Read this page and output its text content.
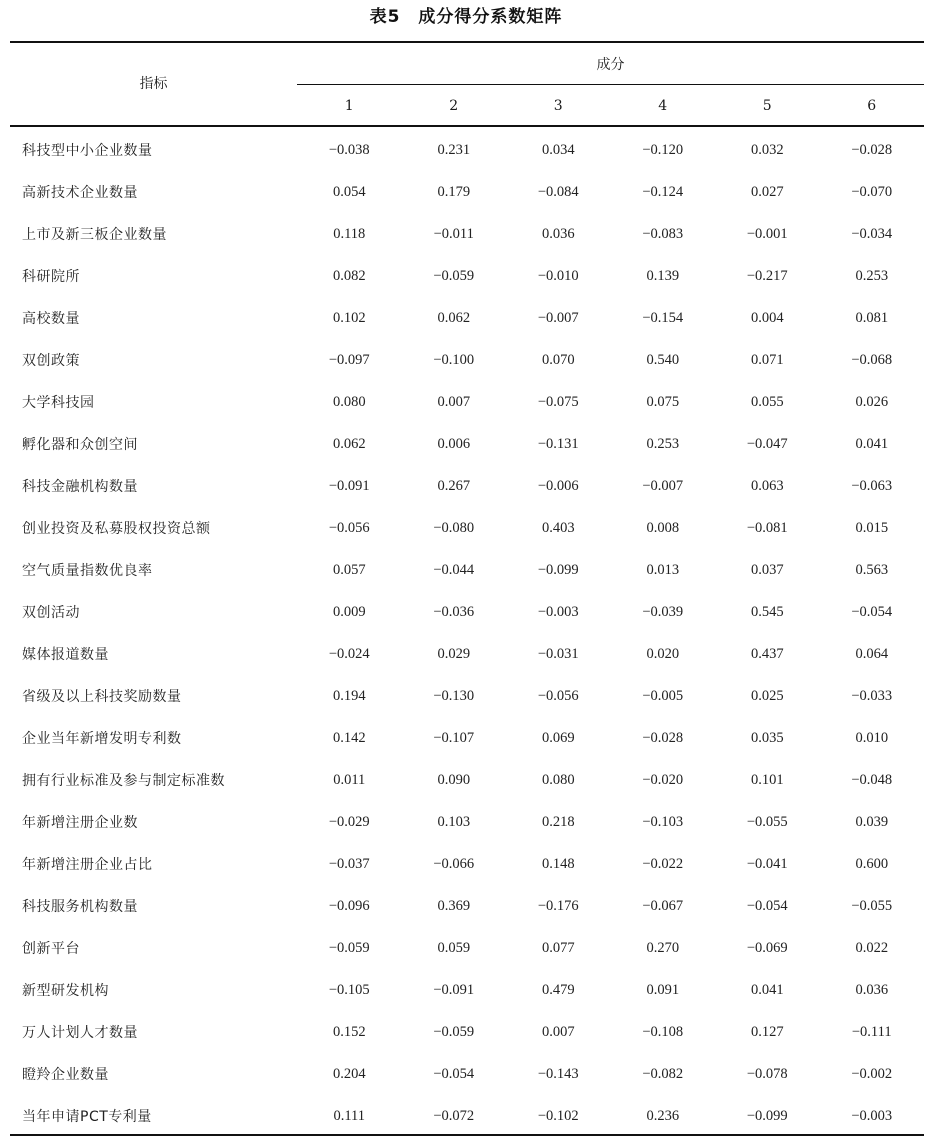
表5　成分得分系数矩阵
指标
成分
1	2	3	4	5	6
科技型中小企业数量	−0.038	0.231	0.034	−0.120	0.032	−0.028
高新技术企业数量	0.054	0.179	−0.084	−0.124	0.027	−0.070
上市及新三板企业数量	0.118	−0.011	0.036	−0.083	−0.001	−0.034
科研院所	0.082	−0.059	−0.010	0.139	−0.217	0.253
高校数量	0.102	0.062	−0.007	−0.154	0.004	0.081
双创政策	−0.097	−0.100	0.070	0.540	0.071	−0.068
大学科技园	0.080	0.007	−0.075	0.075	0.055	0.026
孵化器和众创空间	0.062	0.006	−0.131	0.253	−0.047	0.041
科技金融机构数量	−0.091	0.267	−0.006	−0.007	0.063	−0.063
创业投资及私募股权投资总额	−0.056	−0.080	0.403	0.008	−0.081	0.015
空气质量指数优良率	0.057	−0.044	−0.099	0.013	0.037	0.563
双创活动	0.009	−0.036	−0.003	−0.039	0.545	−0.054
媒体报道数量	−0.024	0.029	−0.031	0.020	0.437	0.064
省级及以上科技奖励数量	0.194	−0.130	−0.056	−0.005	0.025	−0.033
企业当年新增发明专利数	0.142	−0.107	0.069	−0.028	0.035	0.010
拥有行业标准及参与制定标准数	0.011	0.090	0.080	−0.020	0.101	−0.048
年新增注册企业数	−0.029	0.103	0.218	−0.103	−0.055	0.039
年新增注册企业占比	−0.037	−0.066	0.148	−0.022	−0.041	0.600
科技服务机构数量	−0.096	0.369	−0.176	−0.067	−0.054	−0.055
创新平台	−0.059	0.059	0.077	0.270	−0.069	0.022
新型研发机构	−0.105	−0.091	0.479	0.091	0.041	0.036
万人计划人才数量	0.152	−0.059	0.007	−0.108	0.127	−0.111
瞪羚企业数量	0.204	−0.054	−0.143	−0.082	−0.078	−0.002
当年申请PCT专利量	0.111	−0.072	−0.102	0.236	−0.099	−0.003
